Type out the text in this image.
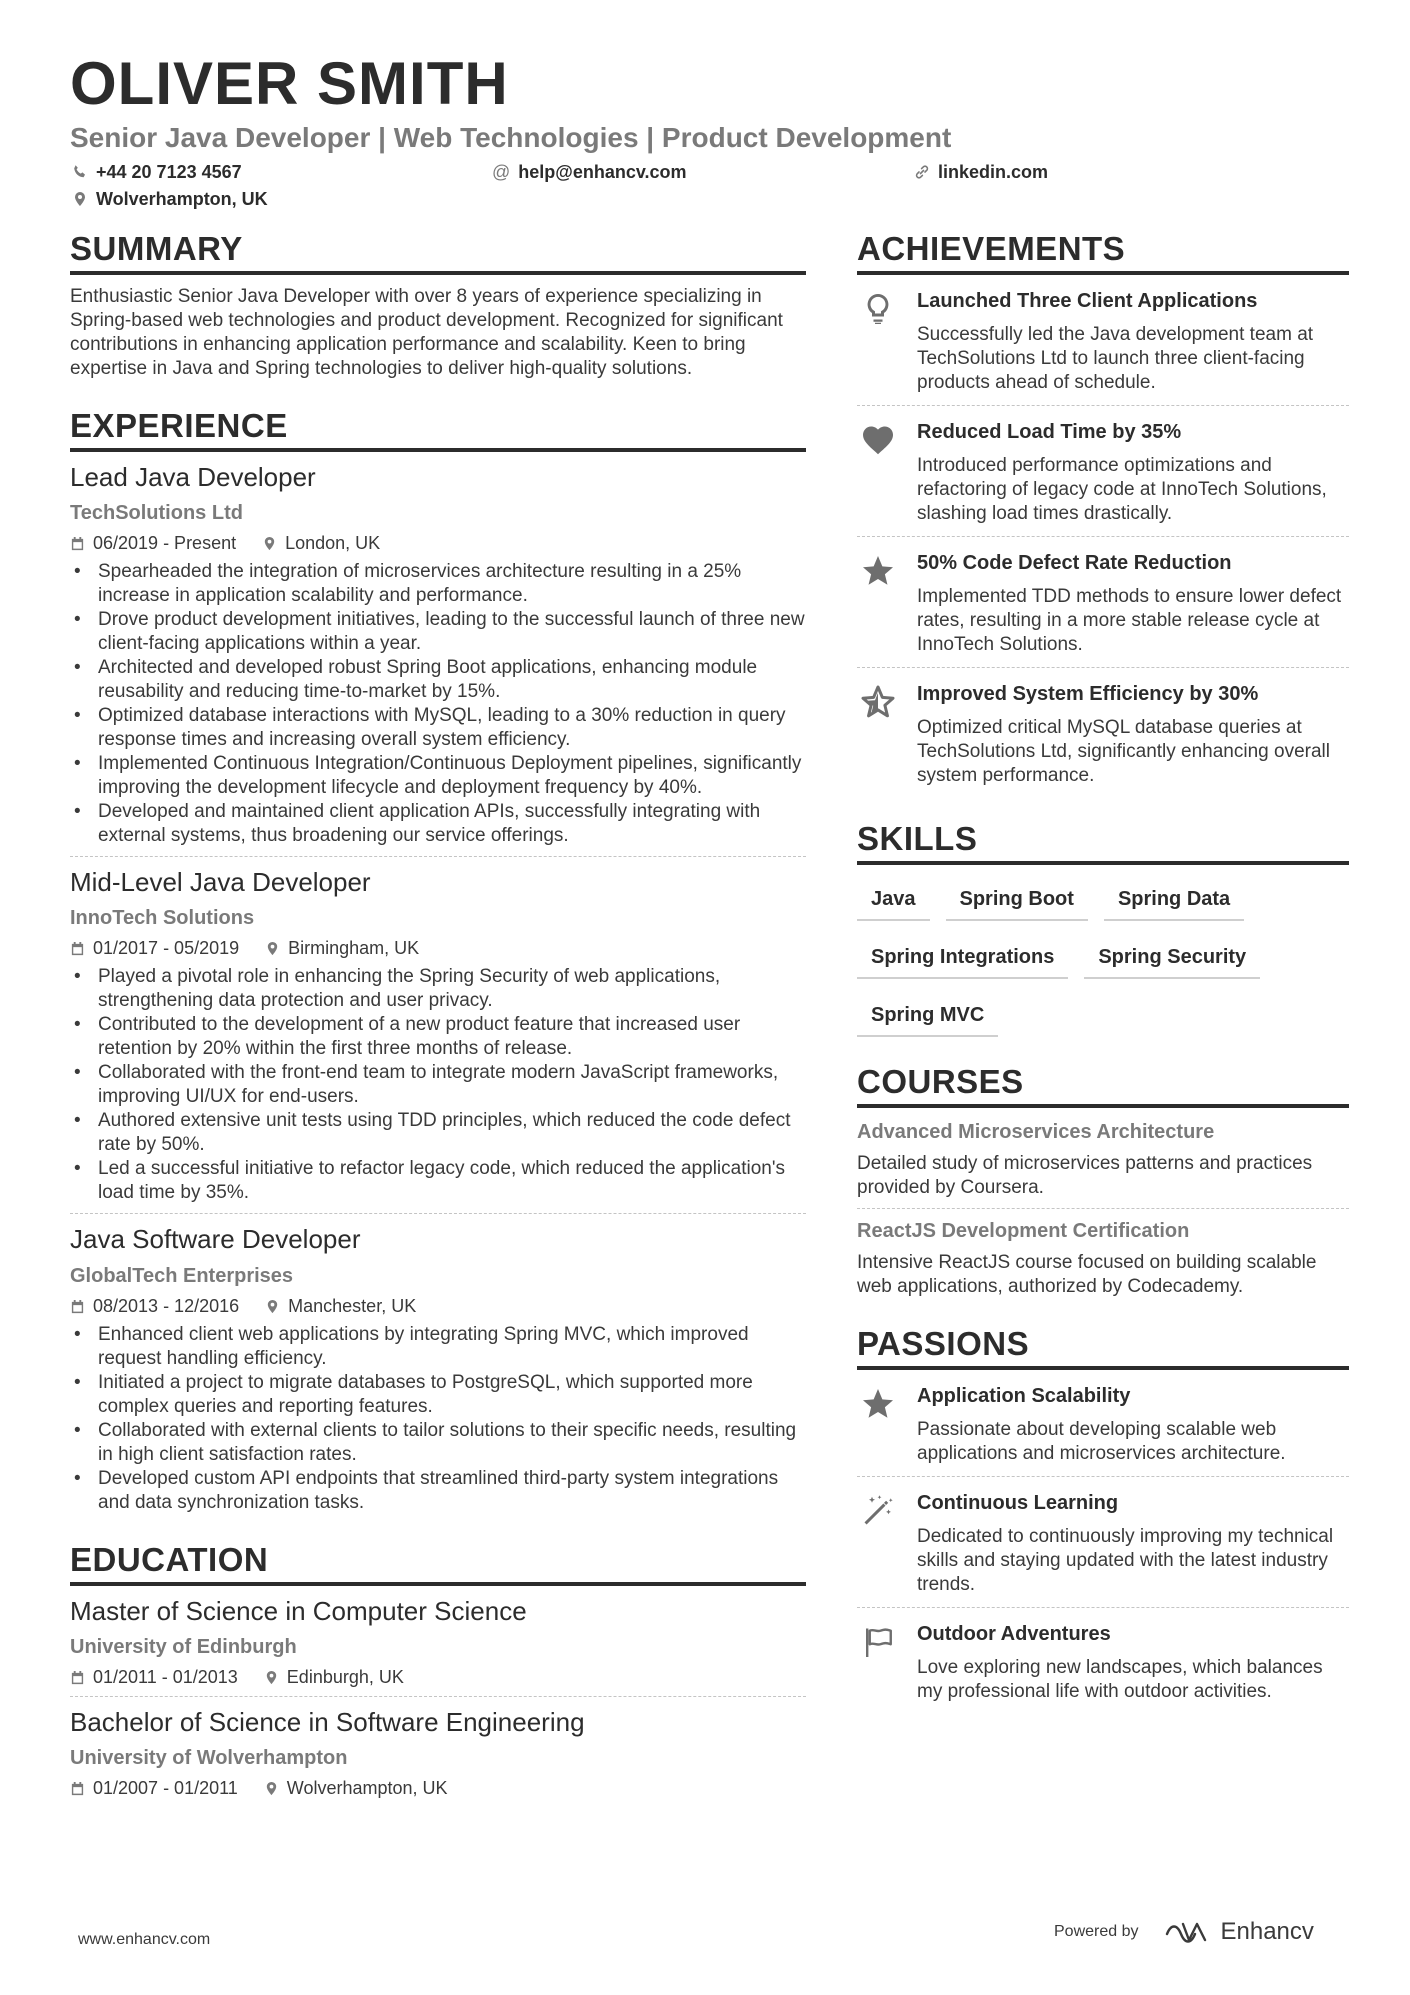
OLIVER SMITH
Senior Java Developer | Web Technologies | Product Development
+44 20 7123 4567	@ help@enhancv.com	linkedin.com
Wolverhampton, UK
SUMMARY
Enthusiastic Senior Java Developer with over 8 years of experience specializing in Spring-based web technologies and product development. Recognized for significant contributions in enhancing application performance and scalability. Keen to bring expertise in Java and Spring technologies to deliver high-quality solutions.
EXPERIENCE
Lead Java Developer
TechSolutions Ltd
06/2019 - Present	London, UK
• Spearheaded the integration of microservices architecture resulting in a 25% increase in application scalability and performance.
• Drove product development initiatives, leading to the successful launch of three new client-facing applications within a year.
• Architected and developed robust Spring Boot applications, enhancing module reusability and reducing time-to-market by 15%.
• Optimized database interactions with MySQL, leading to a 30% reduction in query response times and increasing overall system efficiency.
• Implemented Continuous Integration/Continuous Deployment pipelines, significantly improving the development lifecycle and deployment frequency by 40%.
• Developed and maintained client application APIs, successfully integrating with external systems, thus broadening our service offerings.
Mid-Level Java Developer
InnoTech Solutions
01/2017 - 05/2019	Birmingham, UK
• Played a pivotal role in enhancing the Spring Security of web applications, strengthening data protection and user privacy.
• Contributed to the development of a new product feature that increased user retention by 20% within the first three months of release.
• Collaborated with the front-end team to integrate modern JavaScript frameworks, improving UI/UX for end-users.
• Authored extensive unit tests using TDD principles, which reduced the code defect rate by 50%.
• Led a successful initiative to refactor legacy code, which reduced the application's load time by 35%.
Java Software Developer
GlobalTech Enterprises
08/2013 - 12/2016	Manchester, UK
• Enhanced client web applications by integrating Spring MVC, which improved request handling efficiency.
• Initiated a project to migrate databases to PostgreSQL, which supported more complex queries and reporting features.
• Collaborated with external clients to tailor solutions to their specific needs, resulting in high client satisfaction rates.
• Developed custom API endpoints that streamlined third-party system integrations and data synchronization tasks.
EDUCATION
Master of Science in Computer Science
University of Edinburgh
01/2011 - 01/2013	Edinburgh, UK
Bachelor of Science in Software Engineering
University of Wolverhampton
01/2007 - 01/2011	Wolverhampton, UK
ACHIEVEMENTS
Launched Three Client Applications
Successfully led the Java development team at TechSolutions Ltd to launch three client-facing products ahead of schedule.
Reduced Load Time by 35%
Introduced performance optimizations and refactoring of legacy code at InnoTech Solutions, slashing load times drastically.
50% Code Defect Rate Reduction
Implemented TDD methods to ensure lower defect rates, resulting in a more stable release cycle at InnoTech Solutions.
Improved System Efficiency by 30%
Optimized critical MySQL database queries at TechSolutions Ltd, significantly enhancing overall system performance.
SKILLS
Java	Spring Boot	Spring Data
Spring Integrations	Spring Security
Spring MVC
COURSES
Advanced Microservices Architecture
Detailed study of microservices patterns and practices provided by Coursera.
ReactJS Development Certification
Intensive ReactJS course focused on building scalable web applications, authorized by Codecademy.
PASSIONS
Application Scalability
Passionate about developing scalable web applications and microservices architecture.
Continuous Learning
Dedicated to continuously improving my technical skills and staying updated with the latest industry trends.
Outdoor Adventures
Love exploring new landscapes, which balances my professional life with outdoor activities.
www.enhancv.com	Powered by	Enhancv
